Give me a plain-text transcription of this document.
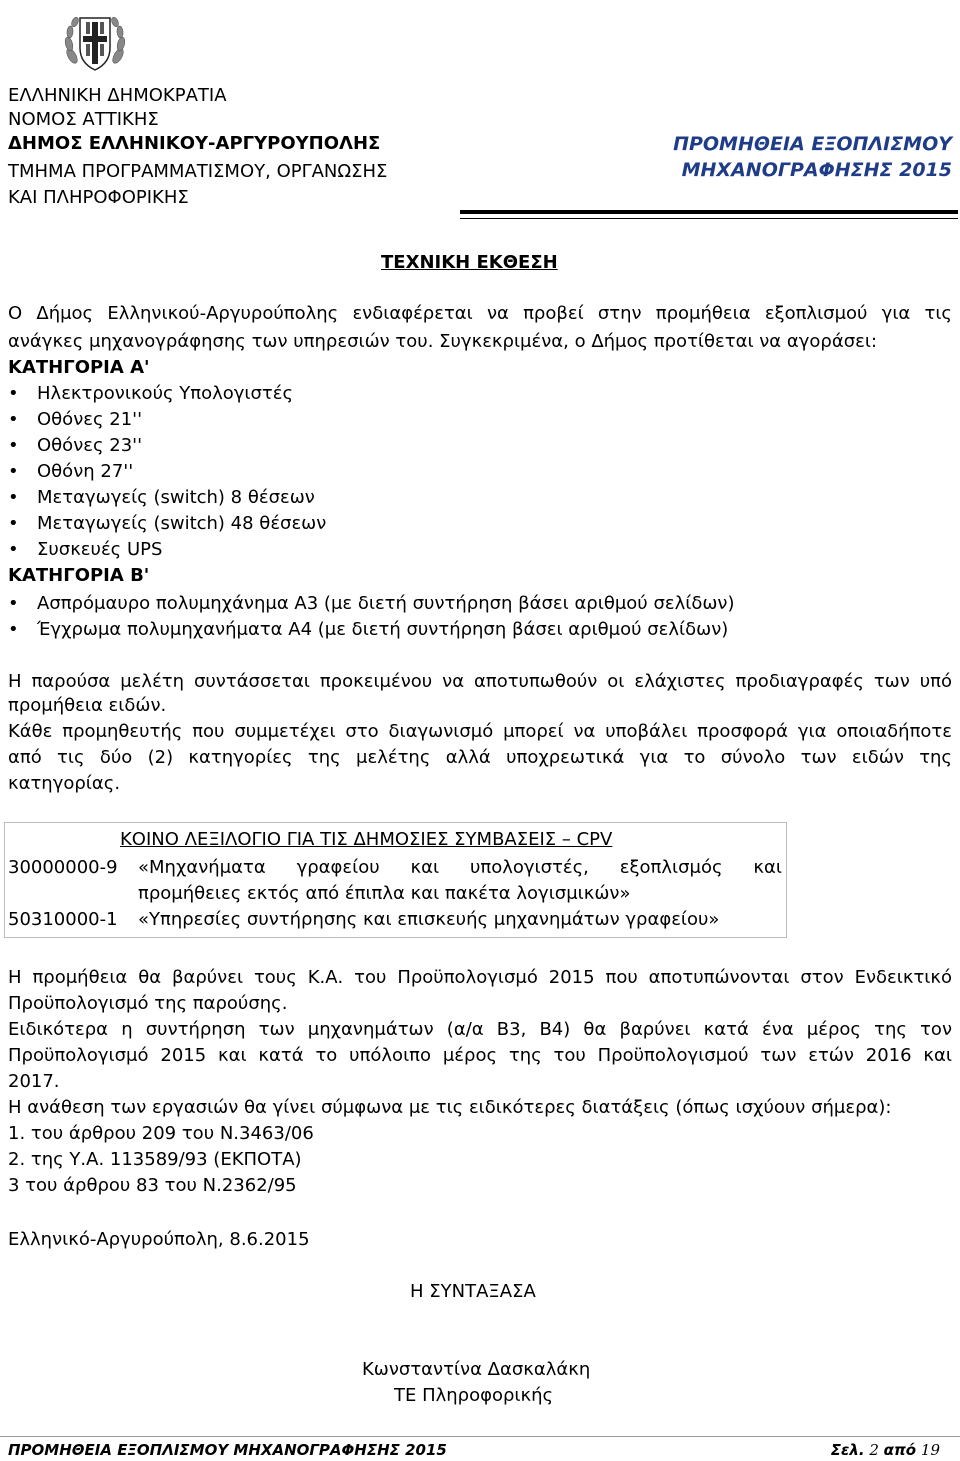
ΕΛΛΗΝΙΚΗ ΔΗΜΟΚΡΑΤΙΑ
ΝΟΜΟΣ ΑΤΤΙΚΗΣ
ΔΗΜΟΣ ΕΛΛΗΝΙΚΟΥ-ΑΡΓΥΡΟΥΠΟΛΗΣ
ΤΜΗΜΑ ΠΡΟΓΡΑΜΜΑΤΙΣΜΟΥ, ΟΡΓΑΝΩΣΗΣ
ΚΑΙ ΠΛΗΡΟΦΟΡΙΚΗΣ
ΠΡΟΜΗΘΕΙΑ ΕΞΟΠΛΙΣΜΟΥ
ΜΗΧΑΝΟΓΡΑΦΗΣΗΣ 2015
ΤΕΧΝΙΚΗ ΕΚΘΕΣΗ
Ο Δήμος Ελληνικού-Αργυρούπολης ενδιαφέρεται να προβεί στην προμήθεια εξοπλισμού για τις
ανάγκες μηχανογράφησης των υπηρεσιών του. Συγκεκριμένα, ο Δήμος προτίθεται να αγοράσει:
ΚΑΤΗΓΟΡΙΑ Α'
•	Ηλεκτρονικούς Υπολογιστές
•	Οθόνες 21''
•	Οθόνες 23''
•	Οθόνη 27''
•	Μεταγωγείς (switch) 8 θέσεων
•	Μεταγωγείς (switch) 48 θέσεων
•	Συσκευές UPS
ΚΑΤΗΓΟΡΙΑ Β'
•	Ασπρόμαυρο πολυμηχάνημα Α3 (με διετή συντήρηση βάσει αριθμού σελίδων)
•	Έγχρωμα πολυμηχανήματα Α4 (με διετή συντήρηση βάσει αριθμού σελίδων)
Η παρούσα μελέτη συντάσσεται προκειμένου να αποτυπωθούν οι ελάχιστες προδιαγραφές των υπό
προμήθεια ειδών.
Κάθε προμηθευτής που συμμετέχει στο διαγωνισμό μπορεί να υποβάλει προσφορά για οποιαδήποτε
από τις δύο (2) κατηγορίες της μελέτης αλλά υποχρεωτικά για το σύνολο των ειδών της
κατηγορίας.
ΚΟΙΝΟ ΛΕΞΙΛΟΓΙΟ ΓΙΑ ΤΙΣ ΔΗΜΟΣΙΕΣ ΣΥΜΒΑΣΕΙΣ – CPV
30000000-9 «Μηχανήματα γραφείου και υπολογιστές, εξοπλισμός και
προμήθειες εκτός από έπιπλα και πακέτα λογισμικών»
50310000-1 «Υπηρεσίες συντήρησης και επισκευής μηχανημάτων γραφείου»
Η προμήθεια θα βαρύνει τους Κ.Α. του Προϋπολογισμό 2015 που αποτυπώνονται στον Ενδεικτικό
Προϋπολογισμό της παρούσης.
Ειδικότερα η συντήρηση των μηχανημάτων (α/α Β3, Β4) θα βαρύνει κατά ένα μέρος της τον
Προϋπολογισμό 2015 και κατά το υπόλοιπο μέρος της του Προϋπολογισμού των ετών 2016 και
2017.
Η ανάθεση των εργασιών θα γίνει σύμφωνα με τις ειδικότερες διατάξεις (όπως ισχύουν σήμερα):
1. του άρθρου 209 του Ν.3463/06
2. της Υ.Α. 113589/93 (ΕΚΠΟΤΑ)
3 του άρθρου 83 του Ν.2362/95
Ελληνικό-Αργυρούπολη, 8.6.2015
Η ΣΥΝΤΑΞΑΣΑ
Κωνσταντίνα Δασκαλάκη
ΤΕ Πληροφορικής
ΠΡΟΜΗΘΕΙΑ ΕΞΟΠΛΙΣΜΟΥ ΜΗΧΑΝΟΓΡΑΦΗΣΗΣ 2015	Σελ. 2 από 19
